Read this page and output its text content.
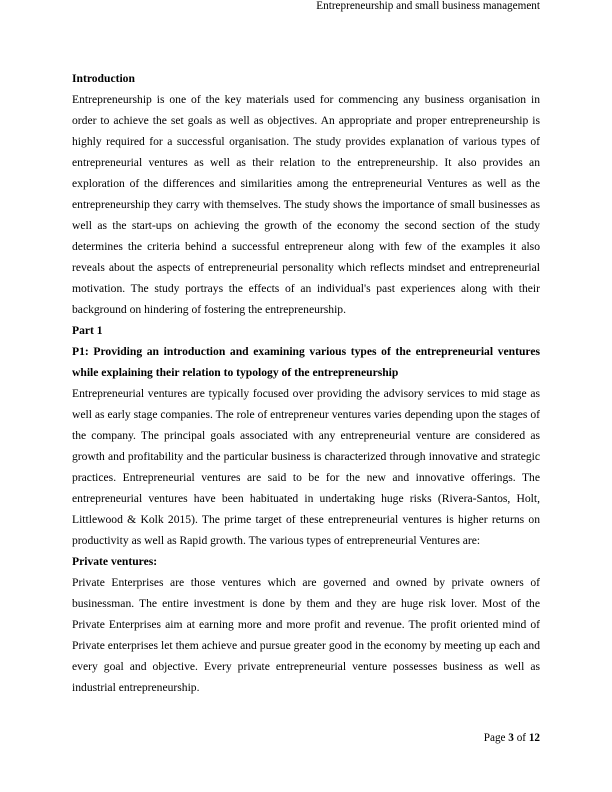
Entrepreneurship and small business management

Introduction

Entrepreneurship is one of the key materials used for commencing any business organisation in order to achieve the set goals as well as objectives. An appropriate and proper entrepreneurship is highly required for a successful organisation. The study provides explanation of various types of entrepreneurial ventures as well as their relation to the entrepreneurship. It also provides an exploration of the differences and similarities among the entrepreneurial Ventures as well as the entrepreneurship they carry with themselves. The study shows the importance of small businesses as well as the start-ups on achieving the growth of the economy the second section of the study determines the criteria behind a successful entrepreneur along with few of the examples it also reveals about the aspects of entrepreneurial personality which reflects mindset and entrepreneurial motivation. The study portrays the effects of an individual's past experiences along with their background on hindering of fostering the entrepreneurship.

Part 1

P1: Providing an introduction and examining various types of the entrepreneurial ventures while explaining their relation to typology of the entrepreneurship

Entrepreneurial ventures are typically focused over providing the advisory services to mid stage as well as early stage companies. The role of entrepreneur ventures varies depending upon the stages of the company. The principal goals associated with any entrepreneurial venture are considered as growth and profitability and the particular business is characterized through innovative and strategic practices. Entrepreneurial ventures are said to be for the new and innovative offerings. The entrepreneurial ventures have been habituated in undertaking huge risks (Rivera-Santos, Holt, Littlewood & Kolk 2015). The prime target of these entrepreneurial ventures is higher returns on productivity as well as Rapid growth. The various types of entrepreneurial Ventures are:

Private ventures:

Private Enterprises are those ventures which are governed and owned by private owners of businessman. The entire investment is done by them and they are huge risk lover. Most of the Private Enterprises aim at earning more and more profit and revenue. The profit oriented mind of Private enterprises let them achieve and pursue greater good in the economy by meeting up each and every goal and objective. Every private entrepreneurial venture possesses business as well as industrial entrepreneurship.

Page 3 of 12
